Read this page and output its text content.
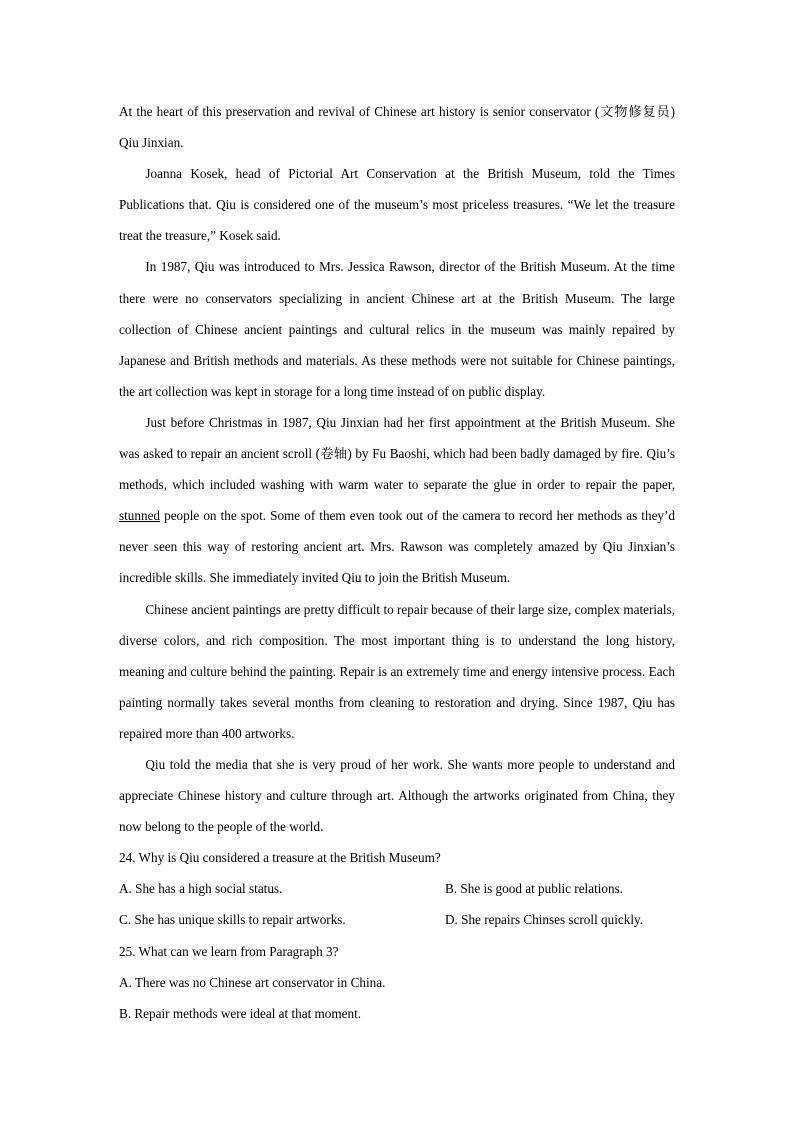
At the heart of this preservation and revival of Chinese art history is senior conservator (文物修复员) Qiu Jinxian.

Joanna Kosek, head of Pictorial Art Conservation at the British Museum, told the Times Publications that. Qiu is considered one of the museum’s most priceless treasures. “We let the treasure treat the treasure,” Kosek said.

In 1987, Qiu was introduced to Mrs. Jessica Rawson, director of the British Museum. At the time there were no conservators specializing in ancient Chinese art at the British Museum. The large collection of Chinese ancient paintings and cultural relics in the museum was mainly repaired by Japanese and British methods and materials. As these methods were not suitable for Chinese paintings, the art collection was kept in storage for a long time instead of on public display.

Just before Christmas in 1987, Qiu Jinxian had her first appointment at the British Museum. She was asked to repair an ancient scroll (卷轴) by Fu Baoshi, which had been badly damaged by fire. Qiu’s methods, which included washing with warm water to separate the glue in order to repair the paper, stunned people on the spot. Some of them even took out of the camera to record her methods as they’d never seen this way of restoring ancient art. Mrs. Rawson was completely amazed by Qiu Jinxian’s incredible skills. She immediately invited Qiu to join the British Museum.

Chinese ancient paintings are pretty difficult to repair because of their large size, complex materials, diverse colors, and rich composition. The most important thing is to understand the long history, meaning and culture behind the painting. Repair is an extremely time and energy intensive process. Each painting normally takes several months from cleaning to restoration and drying. Since 1987, Qiu has repaired more than 400 artworks.

Qiu told the media that she is very proud of her work. She wants more people to understand and appreciate Chinese history and culture through art. Although the artworks originated from China, they now belong to the people of the world.

24. Why is Qiu considered a treasure at the British Museum?

A. She has a high social status.	B. She is good at public relations.

C. She has unique skills to repair artworks.	D. She repairs Chinses scroll quickly.

25. What can we learn from Paragraph 3?

A. There was no Chinese art conservator in China.

B. Repair methods were ideal at that moment.
